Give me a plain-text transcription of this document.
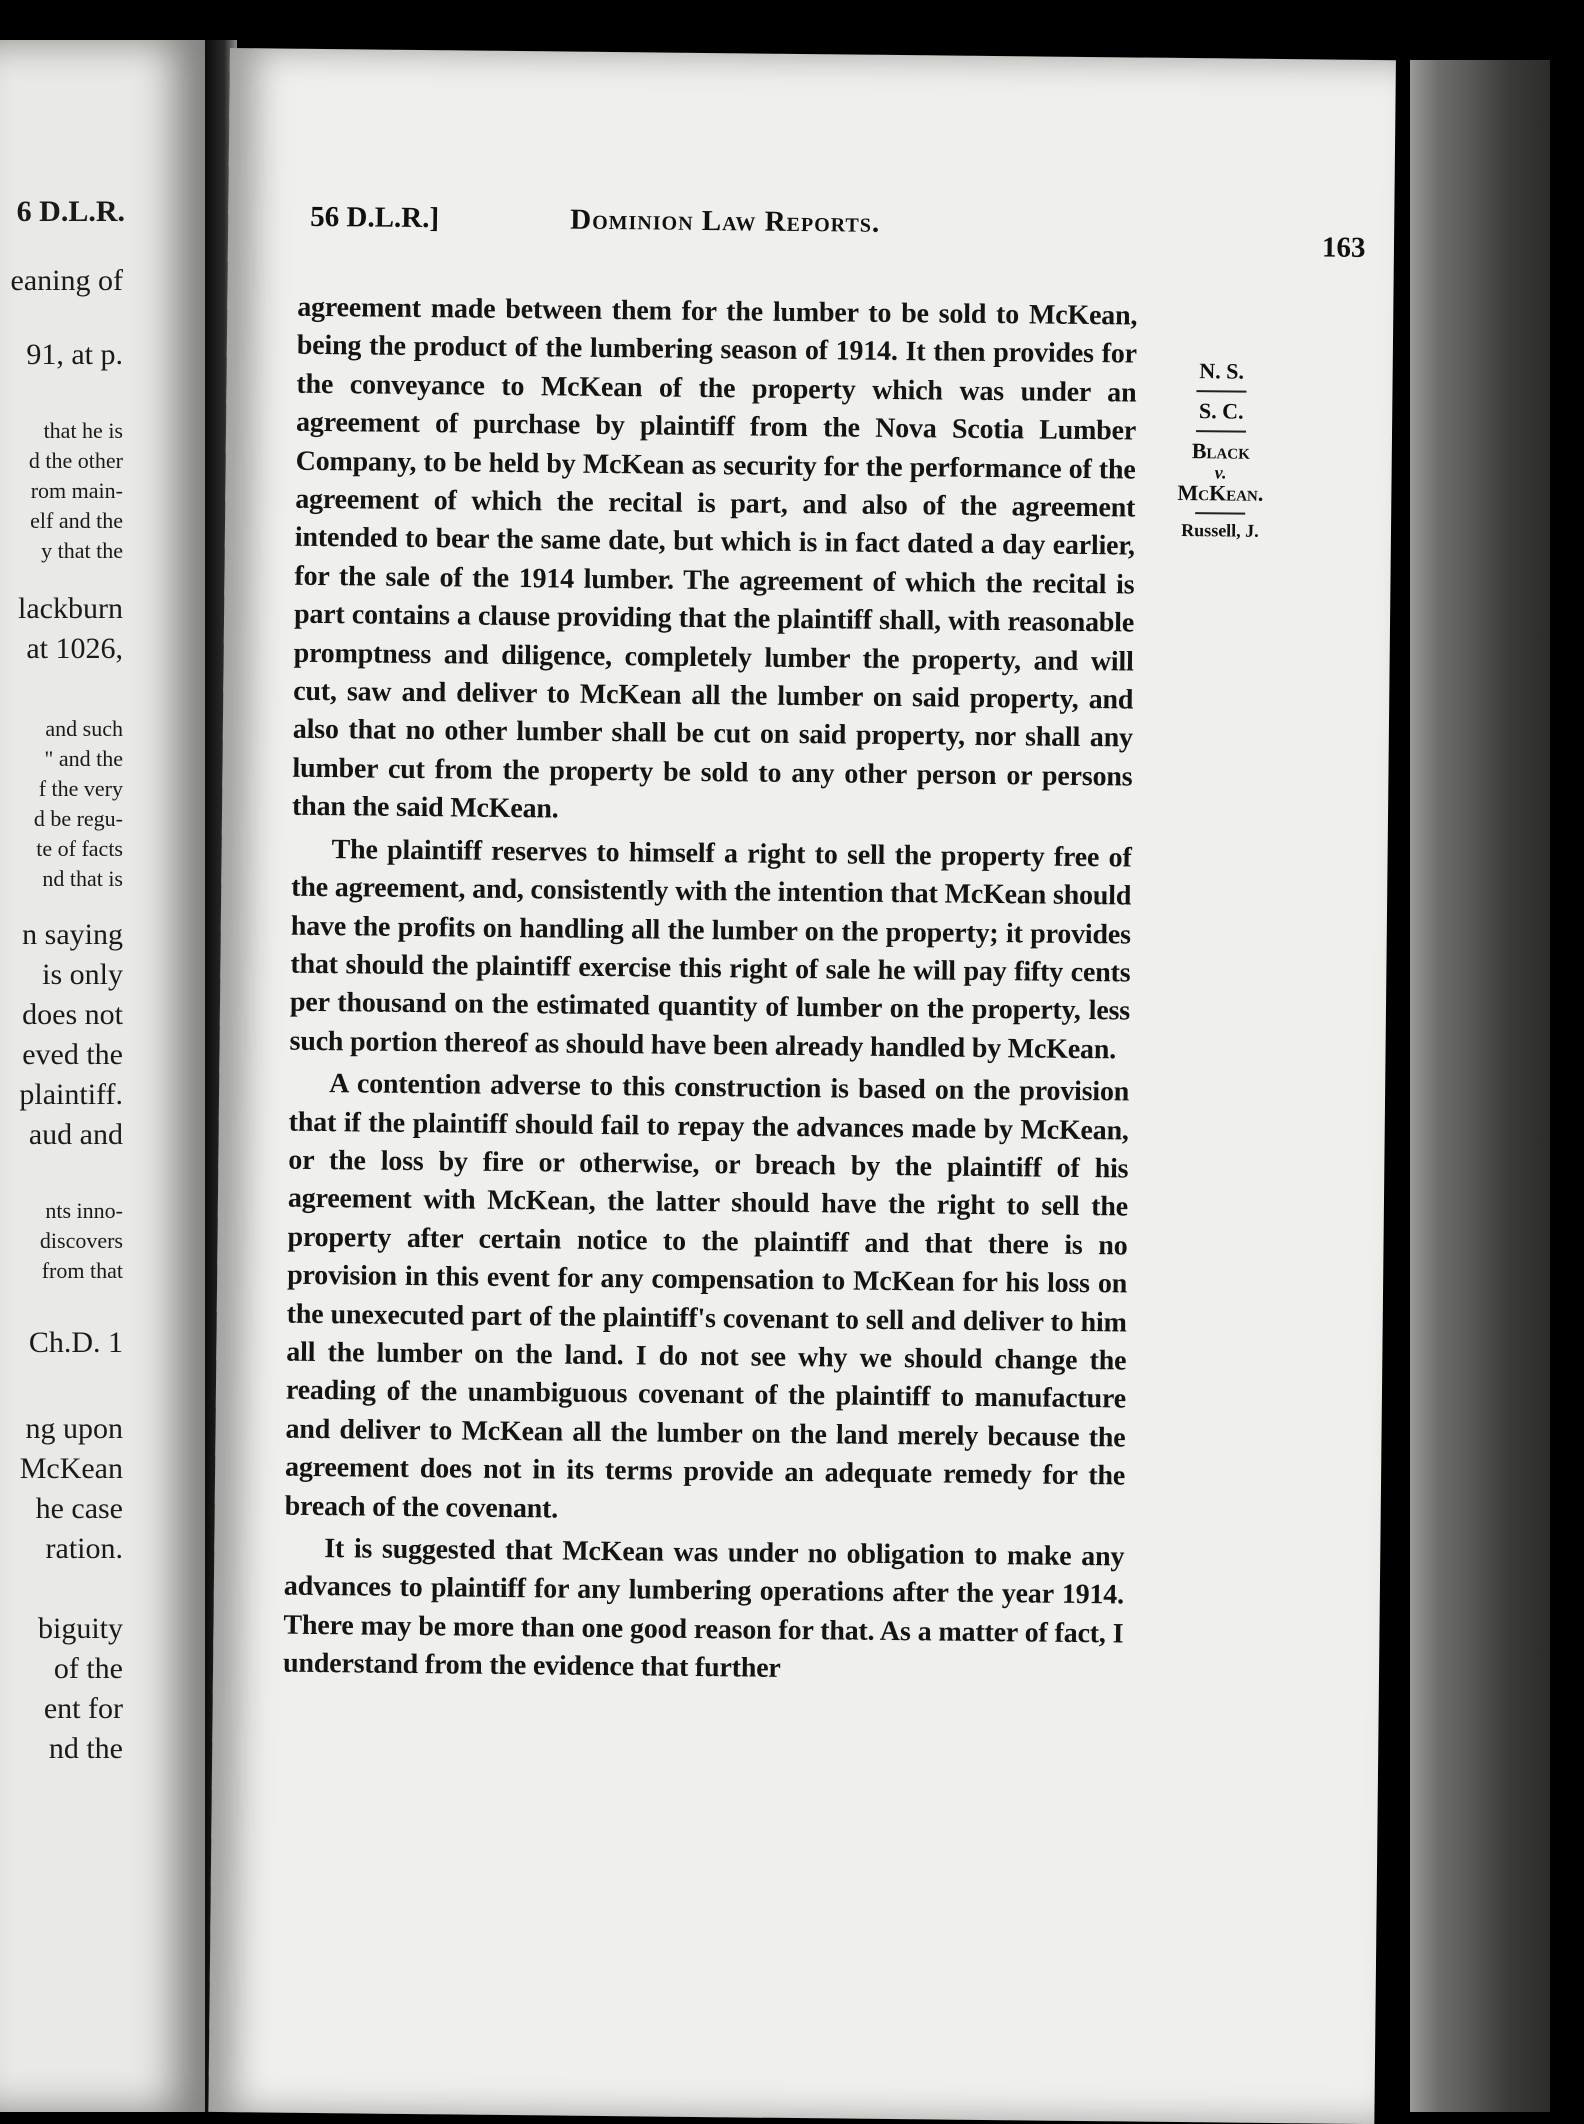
6 D.L.R.
eaning of
91, at p.
that he is
d the other
rom main-
elf and the
y that the
lackburn
at 1026,
and such
" and the
f the very
d be regu-
te of facts
nd that is
n saying
is only
does not
eved the
plaintiff.
aud and
nts inno-
discovers
from that
Ch.D. 1
ng upon
McKean
he case
ration.
biguity
of the
ent for
nd the
56 D.L.R.]	Dominion Law Reports.
163
N. S.
S. C.
Black
v.
McKean.
Russell, J.

agreement made between them for the lumber to be sold to McKean, being the product of the lumbering season of 1914. It then provides for the conveyance to McKean of the property which was under an agreement of purchase by plaintiff from the Nova Scotia Lumber Company, to be held by McKean as security for the performance of the agreement of which the recital is part, and also of the agreement intended to bear the same date, but which is in fact dated a day earlier, for the sale of the 1914 lumber. The agreement of which the recital is part contains a clause providing that the plaintiff shall, with reasonable promptness and diligence, completely lumber the property, and will cut, saw and deliver to McKean all the lumber on said property, and also that no other lumber shall be cut on said property, nor shall any lumber cut from the property be sold to any other person or persons than the said McKean.

The plaintiff reserves to himself a right to sell the property free of the agreement, and, consistently with the intention that McKean should have the profits on handling all the lumber on the property; it provides that should the plaintiff exercise this right of sale he will pay fifty cents per thousand on the estimated quantity of lumber on the property, less such portion thereof as should have been already handled by McKean.

A contention adverse to this construction is based on the provision that if the plaintiff should fail to repay the advances made by McKean, or the loss by fire or otherwise, or breach by the plaintiff of his agreement with McKean, the latter should have the right to sell the property after certain notice to the plaintiff and that there is no provision in this event for any compensation to McKean for his loss on the unexecuted part of the plaintiff's covenant to sell and deliver to him all the lumber on the land. I do not see why we should change the reading of the unambiguous covenant of the plaintiff to manufacture and deliver to McKean all the lumber on the land merely because the agreement does not in its terms provide an adequate remedy for the breach of the covenant.

It is suggested that McKean was under no obligation to make any advances to plaintiff for any lumbering operations after the year 1914. There may be more than one good reason for that. As a matter of fact, I understand from the evidence that further
